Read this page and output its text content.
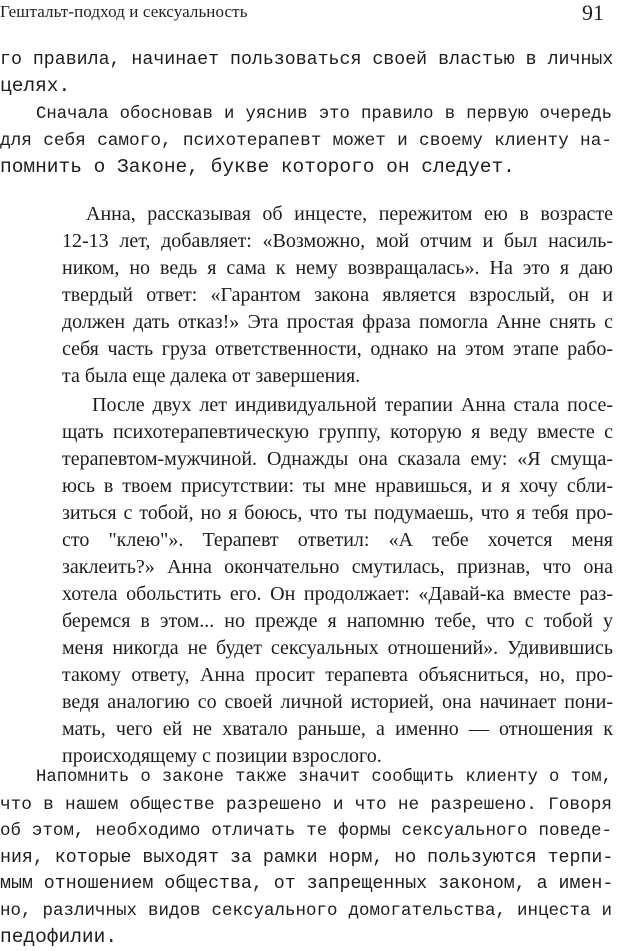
Гештальт-подход и сексуальность	91
го правила, начинает пользоваться своей властью в личных
целях.
Сначала обосновав и уяснив это правило в первую очередь
для себя самого, психотерапевт может и своему клиенту на-
помнить о Законе, букве которого он следует.
Анна, рассказывая об инцесте, пережитом ею в возрасте
12-13 лет, добавляет: «Возможно, мой отчим и был насиль-
ником, но ведь я сама к нему возвращалась». На это я даю
твердый ответ: «Гарантом закона является взрослый, он и
должен дать отказ!» Эта простая фраза помогла Анне снять с
себя часть груза ответственности, однако на этом этапе рабо-
та была еще далека от завершения.
После двух лет индивидуальной терапии Анна стала посе-
щать психотерапевтическую группу, которую я веду вместе с
терапевтом-мужчиной. Однажды она сказала ему: «Я смуща-
юсь в твоем присутствии: ты мне нравишься, и я хочу сбли-
зиться с тобой, но я боюсь, что ты подумаешь, что я тебя про-
сто "клею"». Терапевт ответил: «А тебе хочется меня
заклеить?» Анна окончательно смутилась, признав, что она
хотела обольстить его. Он продолжает: «Давай-ка вместе раз-
беремся в этом... но прежде я напомню тебе, что с тобой у
меня никогда не будет сексуальных отношений». Удивившись
такому ответу, Анна просит терапевта объясниться, но, про-
ведя аналогию со своей личной историей, она начинает пони-
мать, чего ей не хватало раньше, а именно — отношения к
происходящему с позиции взрослого.
Напомнить о законе также значит сообщить клиенту о том,
что в нашем обществе разрешено и что не разрешено. Говоря
об этом, необходимо отличать те формы сексуального поведе-
ния, которые выходят за рамки норм, но пользуются терпи-
мым отношением общества, от запрещенных законом, а имен-
но, различных видов сексуального домогательства, инцеста и
педофилии.
